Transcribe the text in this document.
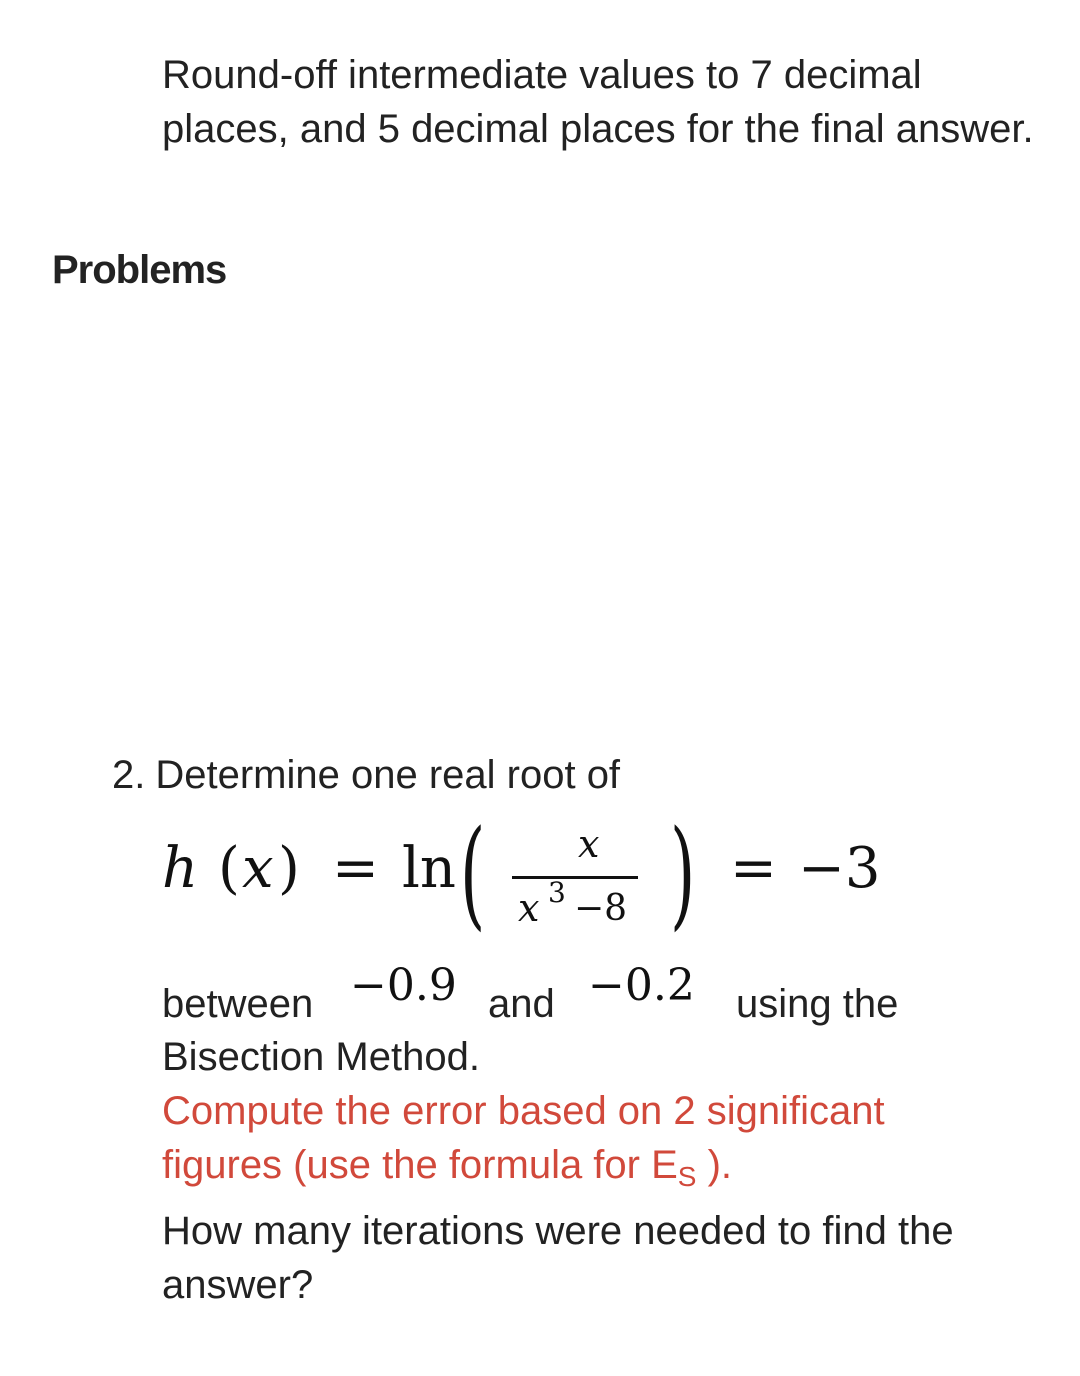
Round-off intermediate values to 7 decimal places, and 5 decimal places for the final answer.

Problems

2. Determine one real root of

h ( x ) = ln ( x
x 3 −8 ) = −3
between −0.9 and −0.2 using the

Bisection Method.
Compute the error based on 2 significant
figures (use the formula for $E_S$ ).
How many iterations were needed to find the answer?
